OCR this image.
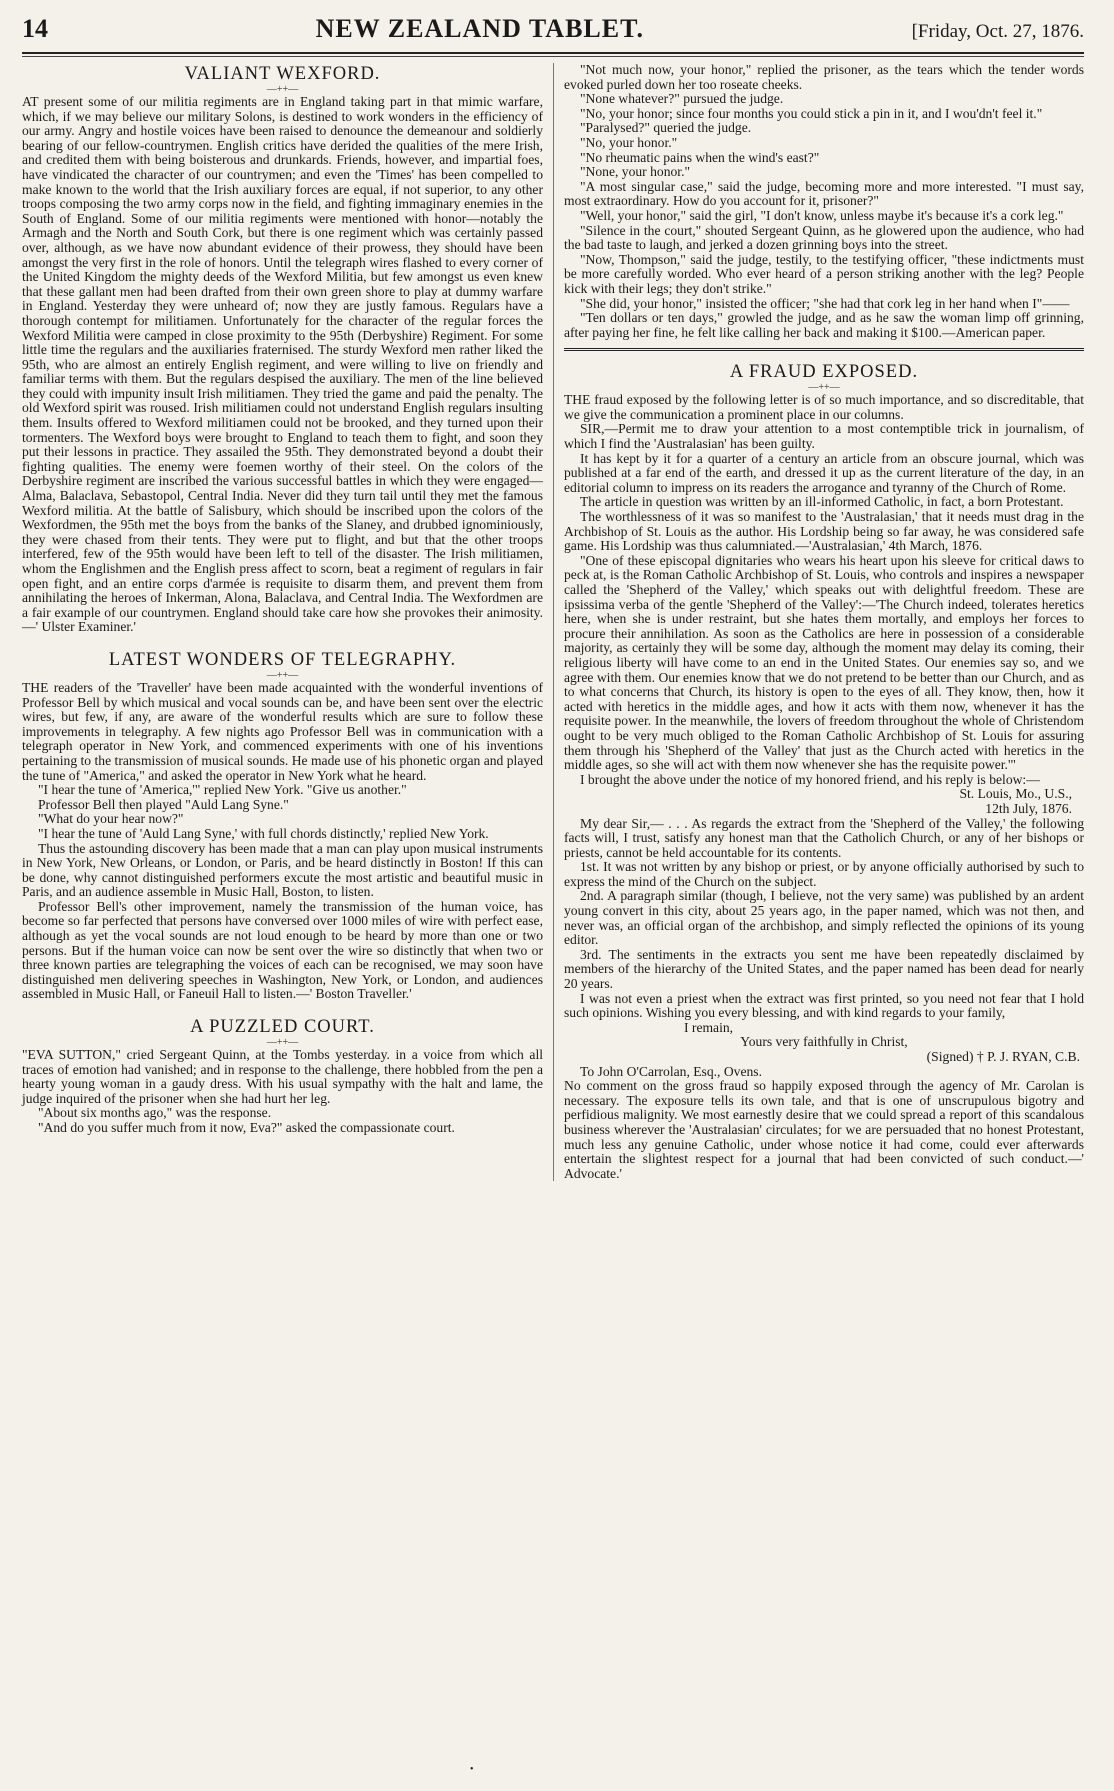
14	NEW ZEALAND TABLET.	[Friday, Oct. 27, 1876.
VALIANT WEXFORD.
—++—

AT present some of our militia regiments are in England taking part in that mimic warfare, which, if we may believe our military Solons, is destined to work wonders in the efficiency of our army. Angry and hostile voices have been raised to denounce the demeanour and soldierly bearing of our fellow-countrymen. English critics have derided the qualities of the mere Irish, and credited them with being boisterous and drunkards. Friends, however, and impartial foes, have vindicated the character of our countrymen; and even the 'Times' has been compelled to make known to the world that the Irish auxiliary forces are equal, if not superior, to any other troops composing the two army corps now in the field, and fighting immaginary enemies in the South of England. Some of our militia regiments were mentioned with honor—notably the Armagh and the North and South Cork, but there is one regiment which was certainly passed over, although, as we have now abundant evidence of their prowess, they should have been amongst the very first in the role of honors. Until the telegraph wires flashed to every corner of the United Kingdom the mighty deeds of the Wexford Militia, but few amongst us even knew that these gallant men had been drafted from their own green shore to play at dummy warfare in England. Yesterday they were unheard of; now they are justly famous. Regulars have a thorough contempt for militiamen. Unfortunately for the character of the regular forces the Wexford Militia were camped in close proximity to the 95th (Derbyshire) Regiment. For some little time the regulars and the auxiliaries fraternised. The sturdy Wexford men rather liked the 95th, who are almost an entirely English regiment, and were willing to live on friendly and familiar terms with them. But the regulars despised the auxiliary. The men of the line believed they could with impunity insult Irish militiamen. They tried the game and paid the penalty. The old Wexford spirit was roused. Irish militiamen could not understand English regulars insulting them. Insults offered to Wexford militiamen could not be brooked, and they turned upon their tormenters. The Wexford boys were brought to England to teach them to fight, and soon they put their lessons in practice. They assailed the 95th. They demonstrated beyond a doubt their fighting qualities. The enemy were foemen worthy of their steel. On the colors of the Derbyshire regiment are inscribed the various successful battles in which they were engaged—Alma, Balaclava, Sebastopol, Central India. Never did they turn tail until they met the famous Wexford militia. At the battle of Salisbury, which should be inscribed upon the colors of the Wexfordmen, the 95th met the boys from the banks of the Slaney, and drubbed ignominiously, they were chased from their tents. They were put to flight, and but that the other troops interfered, few of the 95th would have been left to tell of the disaster. The Irish militiamen, whom the Englishmen and the English press affect to scorn, beat a regiment of regulars in fair open fight, and an entire corps d'armée is requisite to disarm them, and prevent them from annihilating the heroes of Inkerman, Alona, Balaclava, and Central India. The Wexfordmen are a fair example of our countrymen. England should take care how she provokes their animosity.—' Ulster Examiner.'

LATEST WONDERS OF TELEGRAPHY.
—++—

THE readers of the 'Traveller' have been made acquainted with the wonderful inventions of Professor Bell by which musical and vocal sounds can be, and have been sent over the electric wires, but few, if any, are aware of the wonderful results which are sure to follow these improvements in telegraphy. A few nights ago Professor Bell was in communication with a telegraph operator in New York, and commenced experiments with one of his inventions pertaining to the transmission of musical sounds. He made use of his phonetic organ and played the tune of "America," and asked the operator in New York what he heard.

"I hear the tune of 'America,'" replied New York. "Give us another."

Professor Bell then played "Auld Lang Syne."

"What do your hear now?"

"I hear the tune of 'Auld Lang Syne,' with full chords distinctly,' replied New York.

Thus the astounding discovery has been made that a man can play upon musical instruments in New York, New Orleans, or London, or Paris, and be heard distinctly in Boston! If this can be done, why cannot distinguished performers excute the most artistic and beautiful music in Paris, and an audience assemble in Music Hall, Boston, to listen.

Professor Bell's other improvement, namely the transmission of the human voice, has become so far perfected that persons have conversed over 1000 miles of wire with perfect ease, although as yet the vocal sounds are not loud enough to be heard by more than one or two persons. But if the human voice can now be sent over the wire so distinctly that when two or three known parties are telegraphing the voices of each can be recognised, we may soon have distinguished men delivering speeches in Washington, New York, or London, and audiences assembled in Music Hall, or Faneuil Hall to listen.—' Boston Traveller.'

A PUZZLED COURT.
—++—

"EVA SUTTON," cried Sergeant Quinn, at the Tombs yesterday. in a voice from which all traces of emotion had vanished; and in response to the challenge, there hobbled from the pen a hearty young woman in a gaudy dress. With his usual sympathy with the halt and lame, the judge inquired of the prisoner when she had hurt her leg.

"About six months ago," was the response.

"And do you suffer much from it now, Eva?" asked the compassionate court.

"Not much now, your honor," replied the prisoner, as the tears which the tender words evoked purled down her too roseate cheeks.

"None whatever?" pursued the judge.

"No, your honor; since four months you could stick a pin in it, and I wou'dn't feel it."

"Paralysed?" queried the judge.

"No, your honor."

"No rheumatic pains when the wind's east?"

"None, your honor."

"A most singular case," said the judge, becoming more and more interested. "I must say, most extraordinary. How do you account for it, prisoner?"

"Well, your honor," said the girl, "I don't know, unless maybe it's because it's a cork leg."

"Silence in the court," shouted Sergeant Quinn, as he glowered upon the audience, who had the bad taste to laugh, and jerked a dozen grinning boys into the street.

"Now, Thompson," said the judge, testily, to the testifying officer, "these indictments must be more carefully worded. Who ever heard of a person striking another with the leg? People kick with their legs; they don't strike."

"She did, your honor," insisted the officer; "she had that cork leg in her hand when I"——

"Ten dollars or ten days," growled the judge, and as he saw the woman limp off grinning, after paying her fine, he felt like calling her back and making it $100.—American paper.

A FRAUD EXPOSED.
—++—

THE fraud exposed by the following letter is of so much importance, and so discreditable, that we give the communication a prominent place in our columns.

SIR,—Permit me to draw your attention to a most contemptible trick in journalism, of which I find the 'Australasian' has been guilty.

It has kept by it for a quarter of a century an article from an obscure journal, which was published at a far end of the earth, and dressed it up as the current literature of the day, in an editorial column to impress on its readers the arrogance and tyranny of the Church of Rome.

The article in question was written by an ill-informed Catholic, in fact, a born Protestant.

The worthlessness of it was so manifest to the 'Australasian,' that it needs must drag in the Archbishop of St. Louis as the author. His Lordship being so far away, he was considered safe game. His Lordship was thus calumniated.—'Australasian,' 4th March, 1876.

"One of these episcopal dignitaries who wears his heart upon his sleeve for critical daws to peck at, is the Roman Catholic Archbishop of St. Louis, who controls and inspires a newspaper called the 'Shepherd of the Valley,' which speaks out with delightful freedom. These are ipsissima verba of the gentle 'Shepherd of the Valley':—'The Church indeed, tolerates heretics here, when she is under restraint, but she hates them mortally, and employs her forces to procure their annihilation. As soon as the Catholics are here in possession of a considerable majority, as certainly they will be some day, although the moment may delay its coming, their religious liberty will have come to an end in the United States. Our enemies say so, and we agree with them. Our enemies know that we do not pretend to be better than our Church, and as to what concerns that Church, its history is open to the eyes of all. They know, then, how it acted with heretics in the middle ages, and how it acts with them now, whenever it has the requisite power. In the meanwhile, the lovers of freedom throughout the whole of Christendom ought to be very much obliged to the Roman Catholic Archbishop of St. Louis for assuring them through his 'Shepherd of the Valley' that just as the Church acted with heretics in the middle ages, so she will act with them now whenever she has the requisite power.'"

I brought the above under the notice of my honored friend, and his reply is below:—

St. Louis, Mo., U.S.,

12th July, 1876.

My dear Sir,— . . . As regards the extract from the 'Shepherd of the Valley,' the following facts will, I trust, satisfy any honest man that the Catholich Church, or any of her bishops or priests, cannot be held accountable for its contents.

1st. It was not written by any bishop or priest, or by anyone officially authorised by such to express the mind of the Church on the subject.

2nd. A paragraph similar (though, I believe, not the very same) was published by an ardent young convert in this city, about 25 years ago, in the paper named, which was not then, and never was, an official organ of the archbishop, and simply reflected the opinions of its young editor.

3rd. The sentiments in the extracts you sent me have been repeatedly disclaimed by members of the hierarchy of the United States, and the paper named has been dead for nearly 20 years.

I was not even a priest when the extract was first printed, so you need not fear that I hold such opinions. Wishing you every blessing, and with kind regards to your family,

I remain,

Yours very faithfully in Christ,

(Signed) † P. J. RYAN, C.B.

To John O'Carrolan, Esq., Ovens.

No comment on the gross fraud so happily exposed through the agency of Mr. Carolan is necessary. The exposure tells its own tale, and that is one of unscrupulous bigotry and perfidious malignity. We most earnestly desire that we could spread a report of this scandalous business wherever the 'Australasian' circulates; for we are persuaded that no honest Protestant, much less any genuine Catholic, under whose notice it had come, could ever afterwards entertain the slightest respect for a journal that had been convicted of such conduct.—' Advocate.'

•
